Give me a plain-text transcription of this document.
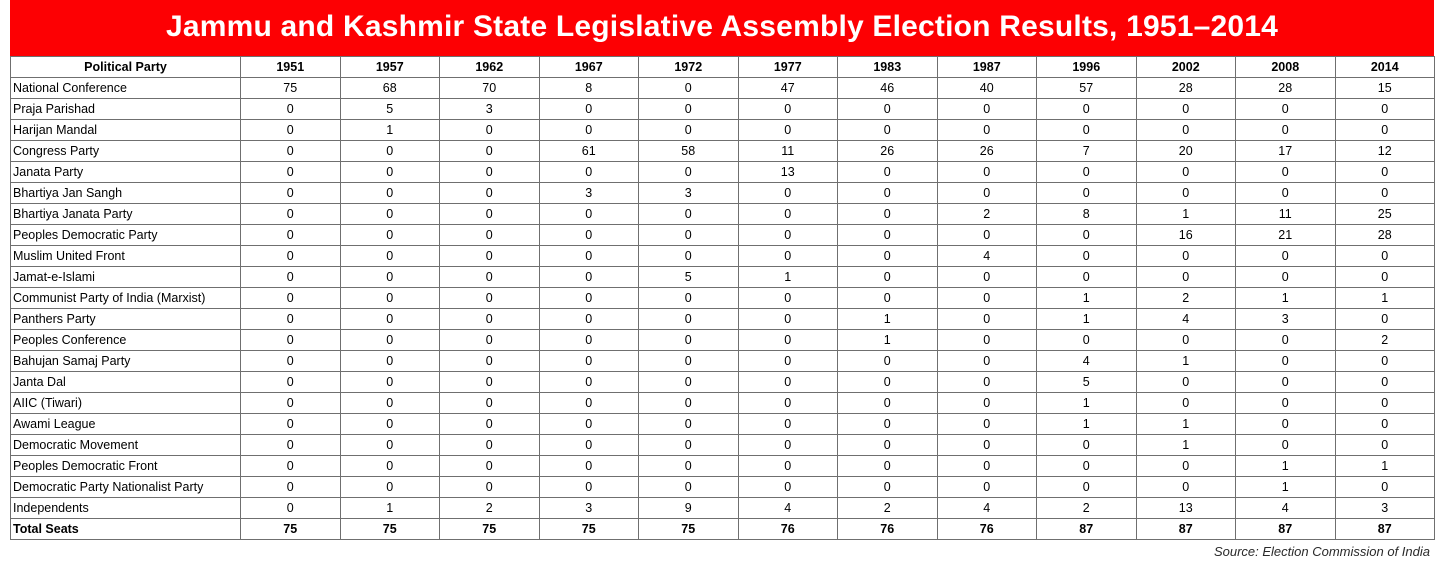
Jammu and Kashmir State Legislative Assembly Election Results, 1951–2014
Political Party	1951	1957	1962	1967	1972	1977	1983	1987	1996	2002	2008	2014
National Conference	75	68	70	8	0	47	46	40	57	28	28	15
Praja Parishad	0	5	3	0	0	0	0	0	0	0	0	0
Harijan Mandal	0	1	0	0	0	0	0	0	0	0	0	0
Congress Party	0	0	0	61	58	11	26	26	7	20	17	12
Janata Party	0	0	0	0	0	13	0	0	0	0	0	0
Bhartiya Jan Sangh	0	0	0	3	3	0	0	0	0	0	0	0
Bhartiya Janata Party	0	0	0	0	0	0	0	2	8	1	11	25
Peoples Democratic Party	0	0	0	0	0	0	0	0	0	16	21	28
Muslim United Front	0	0	0	0	0	0	0	4	0	0	0	0
Jamat-e-Islami	0	0	0	0	5	1	0	0	0	0	0	0
Communist Party of India (Marxist)	0	0	0	0	0	0	0	0	1	2	1	1
Panthers Party	0	0	0	0	0	0	1	0	1	4	3	0
Peoples Conference	0	0	0	0	0	0	1	0	0	0	0	2
Bahujan Samaj Party	0	0	0	0	0	0	0	0	4	1	0	0
Janta Dal	0	0	0	0	0	0	0	0	5	0	0	0
AIIC (Tiwari)	0	0	0	0	0	0	0	0	1	0	0	0
Awami League	0	0	0	0	0	0	0	0	1	1	0	0
Democratic Movement	0	0	0	0	0	0	0	0	0	1	0	0
Peoples Democratic Front	0	0	0	0	0	0	0	0	0	0	1	1
Democratic Party Nationalist Party	0	0	0	0	0	0	0	0	0	0	1	0
Independents	0	1	2	3	9	4	2	4	2	13	4	3
Total Seats	75	75	75	75	75	76	76	76	87	87	87	87
Source: Election Commission of India
